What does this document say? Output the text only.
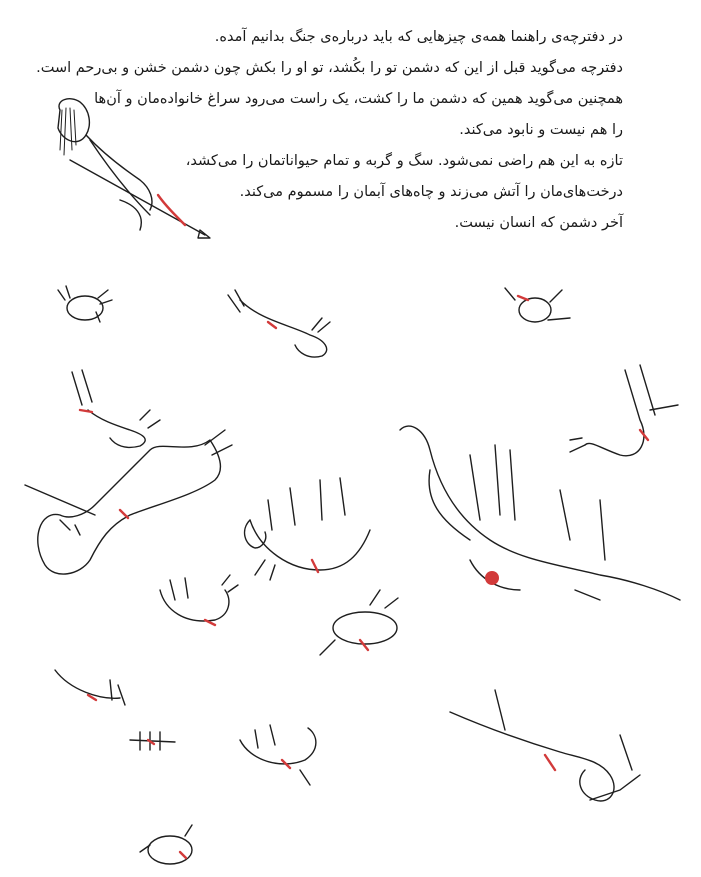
در دفترچه‌ی راهنما همه‌ی چیزهایی که باید درباره‌ی جنگ بدانیم آمده.
دفترچه می‌گوید قبل از این که دشمن تو را بکُشد، تو او را بکش چون دشمن خشن و بی‌رحم است.
همچنین می‌گوید همین که دشمن ما را کشت، یک راست می‌رود سراغ خانواده‌مان و آن‌ها
را هم نیست و نابود می‌کند.
تازه به این هم راضی نمی‌شود. سگ و گربه و تمام حیواناتمان را می‌کشد،
درخت‌های‌مان را آتش می‌زند و چاه‌های آبمان را مسموم می‌کند.
آخر دشمن که انسان نیست.
